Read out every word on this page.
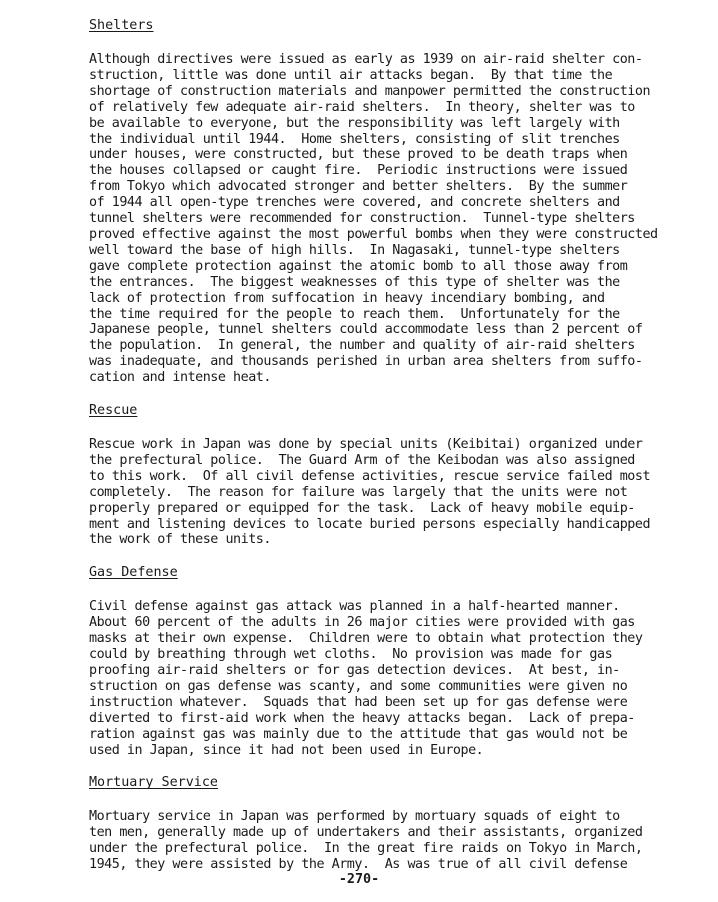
Shelters
Although directives were issued as early as 1939 on air-raid shelter con-
struction, little was done until air attacks began.  By that time the
shortage of construction materials and manpower permitted the construction
of relatively few adequate air-raid shelters.  In theory, shelter was to
be available to everyone, but the responsibility was left largely with
the individual until 1944.  Home shelters, consisting of slit trenches
under houses, were constructed, but these proved to be death traps when
the houses collapsed or caught fire.  Periodic instructions were issued
from Tokyo which advocated stronger and better shelters.  By the summer
of 1944 all open-type trenches were covered, and concrete shelters and
tunnel shelters were recommended for construction.  Tunnel-type shelters
proved effective against the most powerful bombs when they were constructed
well toward the base of high hills.  In Nagasaki, tunnel-type shelters
gave complete protection against the atomic bomb to all those away from
the entrances.  The biggest weaknesses of this type of shelter was the
lack of protection from suffocation in heavy incendiary bombing, and
the time required for the people to reach them.  Unfortunately for the
Japanese people, tunnel shelters could accommodate less than 2 percent of
the population.  In general, the number and quality of air-raid shelters
was inadequate, and thousands perished in urban area shelters from suffo-
cation and intense heat.
Rescue
Rescue work in Japan was done by special units (Keibitai) organized under
the prefectural police.  The Guard Arm of the Keibodan was also assigned
to this work.  Of all civil defense activities, rescue service failed most
completely.  The reason for failure was largely that the units were not
properly prepared or equipped for the task.  Lack of heavy mobile equip-
ment and listening devices to locate buried persons especially handicapped
the work of these units.
Gas Defense
Civil defense against gas attack was planned in a half-hearted manner.
About 60 percent of the adults in 26 major cities were provided with gas
masks at their own expense.  Children were to obtain what protection they
could by breathing through wet cloths.  No provision was made for gas
proofing air-raid shelters or for gas detection devices.  At best, in-
struction on gas defense was scanty, and some communities were given no
instruction whatever.  Squads that had been set up for gas defense were
diverted to first-aid work when the heavy attacks began.  Lack of prepa-
ration against gas was mainly due to the attitude that gas would not be
used in Japan, since it had not been used in Europe.
Mortuary Service
Mortuary service in Japan was performed by mortuary squads of eight to
ten men, generally made up of undertakers and their assistants, organized
under the prefectural police.  In the great fire raids on Tokyo in March,
1945, they were assisted by the Army.  As was true of all civil defense
-270-
